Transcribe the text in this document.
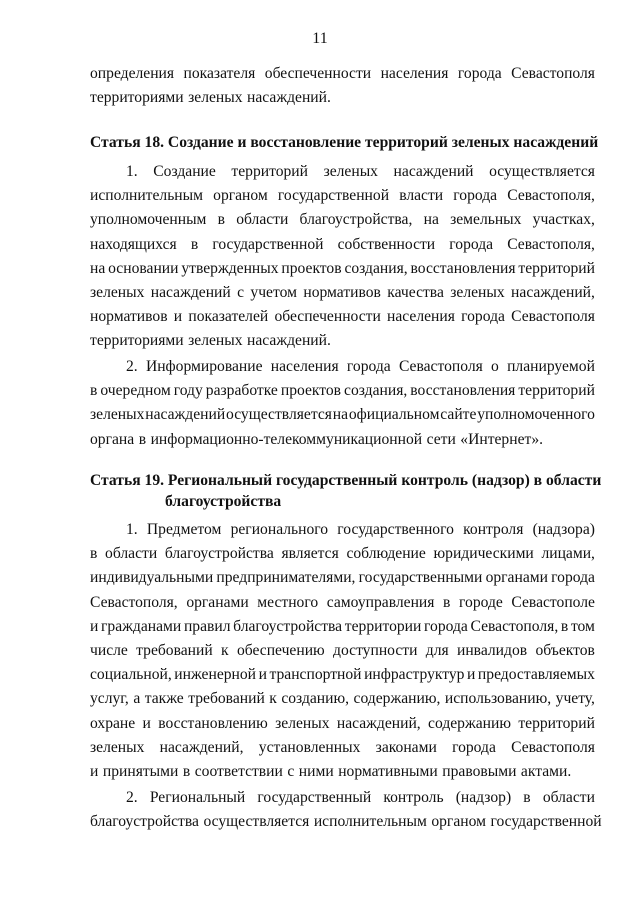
11
определения показателя обеспеченности населения города Севастополя
территориями зеленых насаждений.
Статья 18. Создание и восстановление территорий зеленых насаждений
1. Создание территорий зеленых насаждений осуществляется
исполнительным органом государственной власти города Севастополя,
уполномоченным в области благоустройства, на земельных участках,
находящихся в государственной собственности города Севастополя,
на основании утвержденных проектов создания, восстановления территорий
зеленых насаждений с учетом нормативов качества зеленых насаждений,
нормативов и показателей обеспеченности населения города Севастополя
территориями зеленых насаждений.
2. Информирование населения города Севастополя о планируемой
в очередном году разработке проектов создания, восстановления территорий
зеленых насаждений осуществляется на официальном сайте уполномоченного
органа в информационно-телекоммуникационной сети «Интернет».
Статья 19. Региональный государственный контроль (надзор) в области
благоустройства
1. Предметом регионального государственного контроля (надзора)
в области благоустройства является соблюдение юридическими лицами,
индивидуальными предпринимателями, государственными органами города
Севастополя, органами местного самоуправления в городе Севастополе
и гражданами правил благоустройства территории города Севастополя, в том
числе требований к обеспечению доступности для инвалидов объектов
социальной, инженерной и транспортной инфраструктур и предоставляемых
услуг, а также требований к созданию, содержанию, использованию, учету,
охране и восстановлению зеленых насаждений, содержанию территорий
зеленых насаждений, установленных законами города Севастополя
и принятыми в соответствии с ними нормативными правовыми актами.
2. Региональный государственный контроль (надзор) в области
благоустройства осуществляется исполнительным органом государственной
